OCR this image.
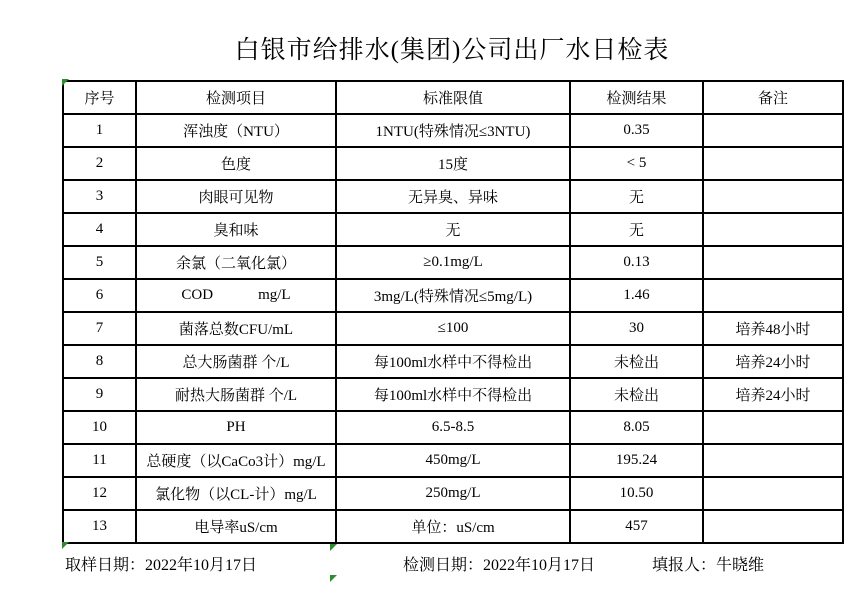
白银市给排水(集团)公司出厂水日检表
序号	检测项目	标准限值	检测结果	备注
1	浑浊度（NTU）	1NTU(特殊情况≤3NTU)	0.35	
2	色度	15度	< 5	
3	肉眼可见物	无异臭、异味	无	
4	臭和味	无	无	
5	余氯（二氧化氯）	≥0.1mg/L	0.13	
6	COD            mg/L	3mg/L(特殊情况≤5mg/L)	1.46	
7	菌落总数CFU/mL	≤100	30	培养48小时
8	总大肠菌群 个/L	每100ml水样中不得检出	未检出	培养24小时
9	耐热大肠菌群 个/L	每100ml水样中不得检出	未检出	培养24小时
10	PH	6.5-8.5	8.05	
11	总硬度（以CaCo3计）mg/L	450mg/L	195.24	
12	氯化物（以CL-计）mg/L	250mg/L	10.50	
13	电导率uS/cm	单位：uS/cm	457	
取样日期：2022年10月17日	检测日期：2022年10月17日	填报人：牛晓维
